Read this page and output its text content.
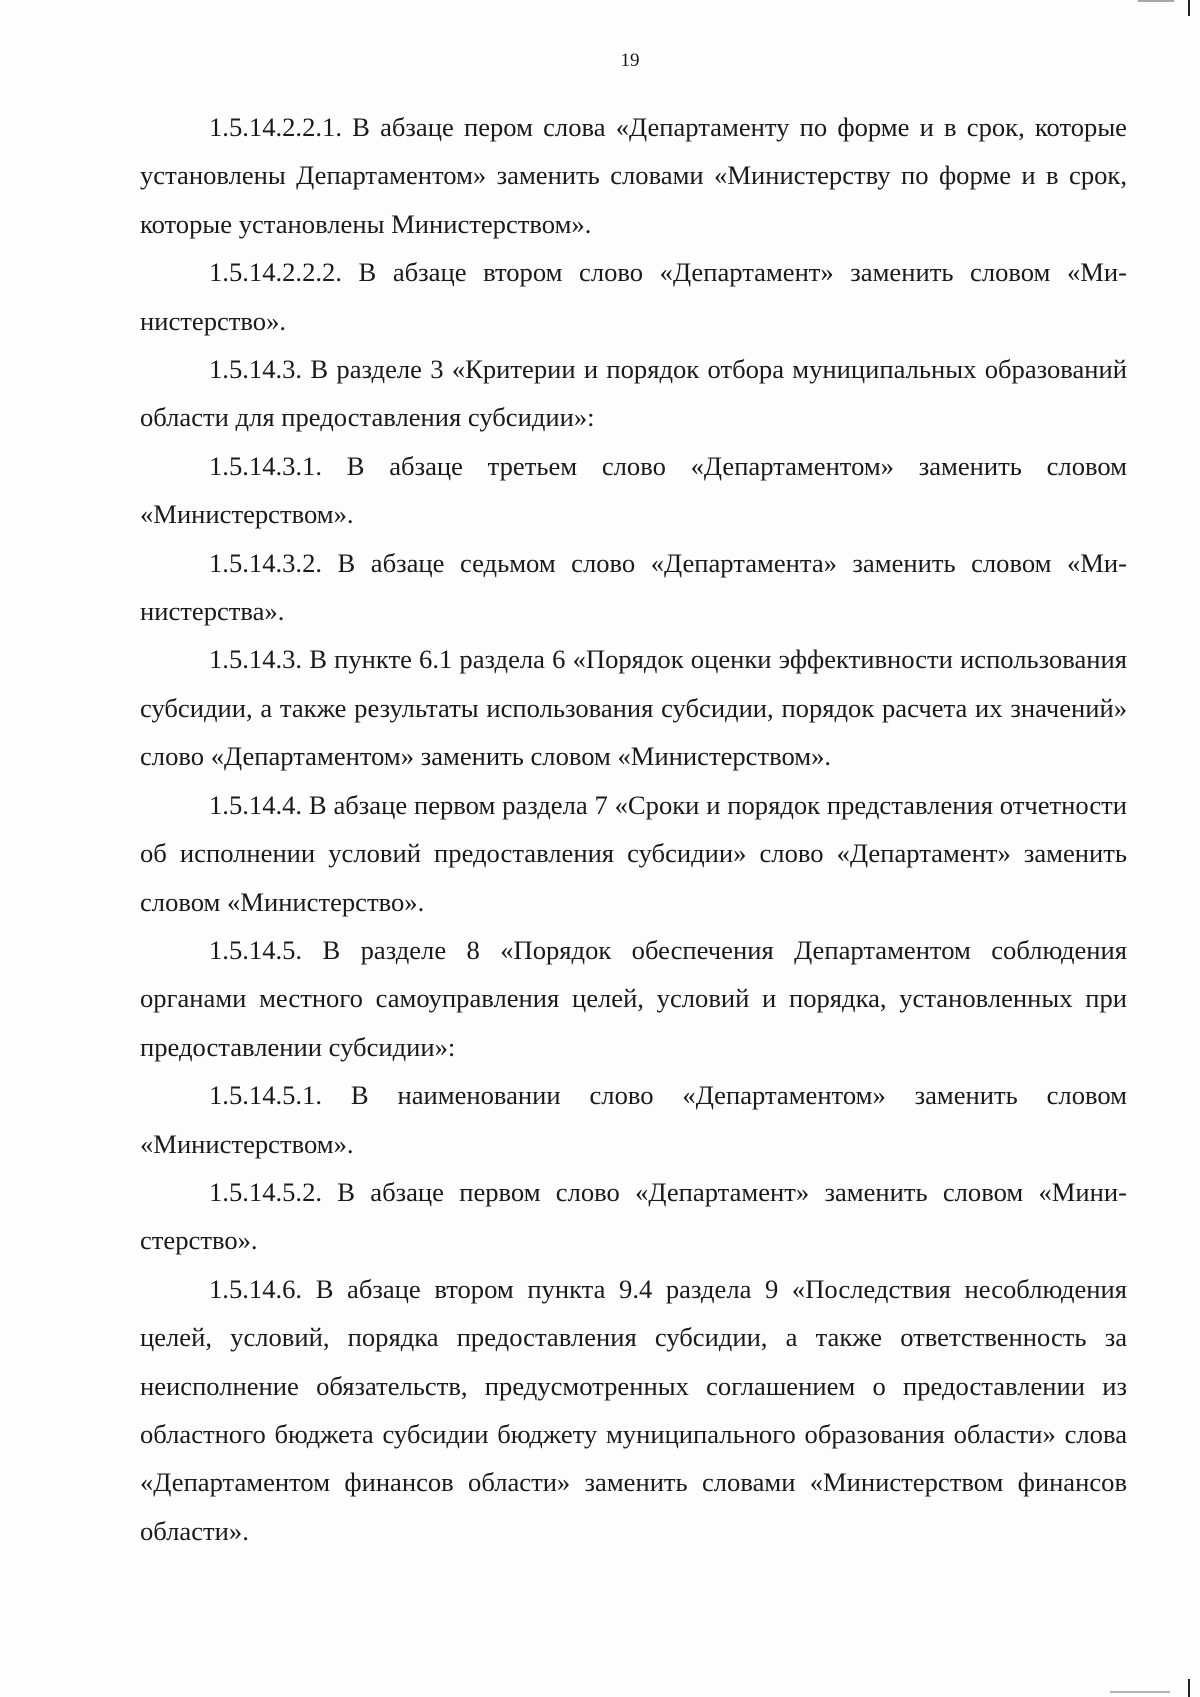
19

1.5.14.2.2.1. В абзаце пером слова «Департаменту по форме и в срок, которые установлены Департаментом» заменить словами «Министерству по форме и в срок, которые установлены Министерством».

1.5.14.2.2.2. В абзаце втором слово «Департамент» заменить словом «Министерство».

1.5.14.3. В разделе 3 «Критерии и порядок отбора муниципальных образований области для предоставления субсидии»:

1.5.14.3.1. В абзаце третьем слово «Департаментом» заменить словом «Министерством».

1.5.14.3.2. В абзаце седьмом слово «Департамента» заменить словом «Министерства».

1.5.14.3. В пункте 6.1 раздела 6 «Порядок оценки эффективности использования субсидии, а также результаты использования субсидии, порядок расчета их значений» слово «Департаментом» заменить словом «Министерством».

1.5.14.4. В абзаце первом раздела 7 «Сроки и порядок представления отчетности об исполнении условий предоставления субсидии» слово «Департамент» заменить словом «Министерство».

1.5.14.5. В разделе 8 «Порядок обеспечения Департаментом соблюдения органами местного самоуправления целей, условий и порядка, установленных при предоставлении субсидии»:

1.5.14.5.1. В наименовании слово «Департаментом» заменить словом «Министерством».

1.5.14.5.2. В абзаце первом слово «Департамент» заменить словом «Министерство».

1.5.14.6. В абзаце втором пункта 9.4 раздела 9 «Последствия несоблюдения целей, условий, порядка предоставления субсидии, а также ответственность за неисполнение обязательств, предусмотренных соглашением о предоставлении из областного бюджета субсидии бюджету муниципального образования области» слова «Департаментом финансов области» заменить словами «Министерством финансов области».
